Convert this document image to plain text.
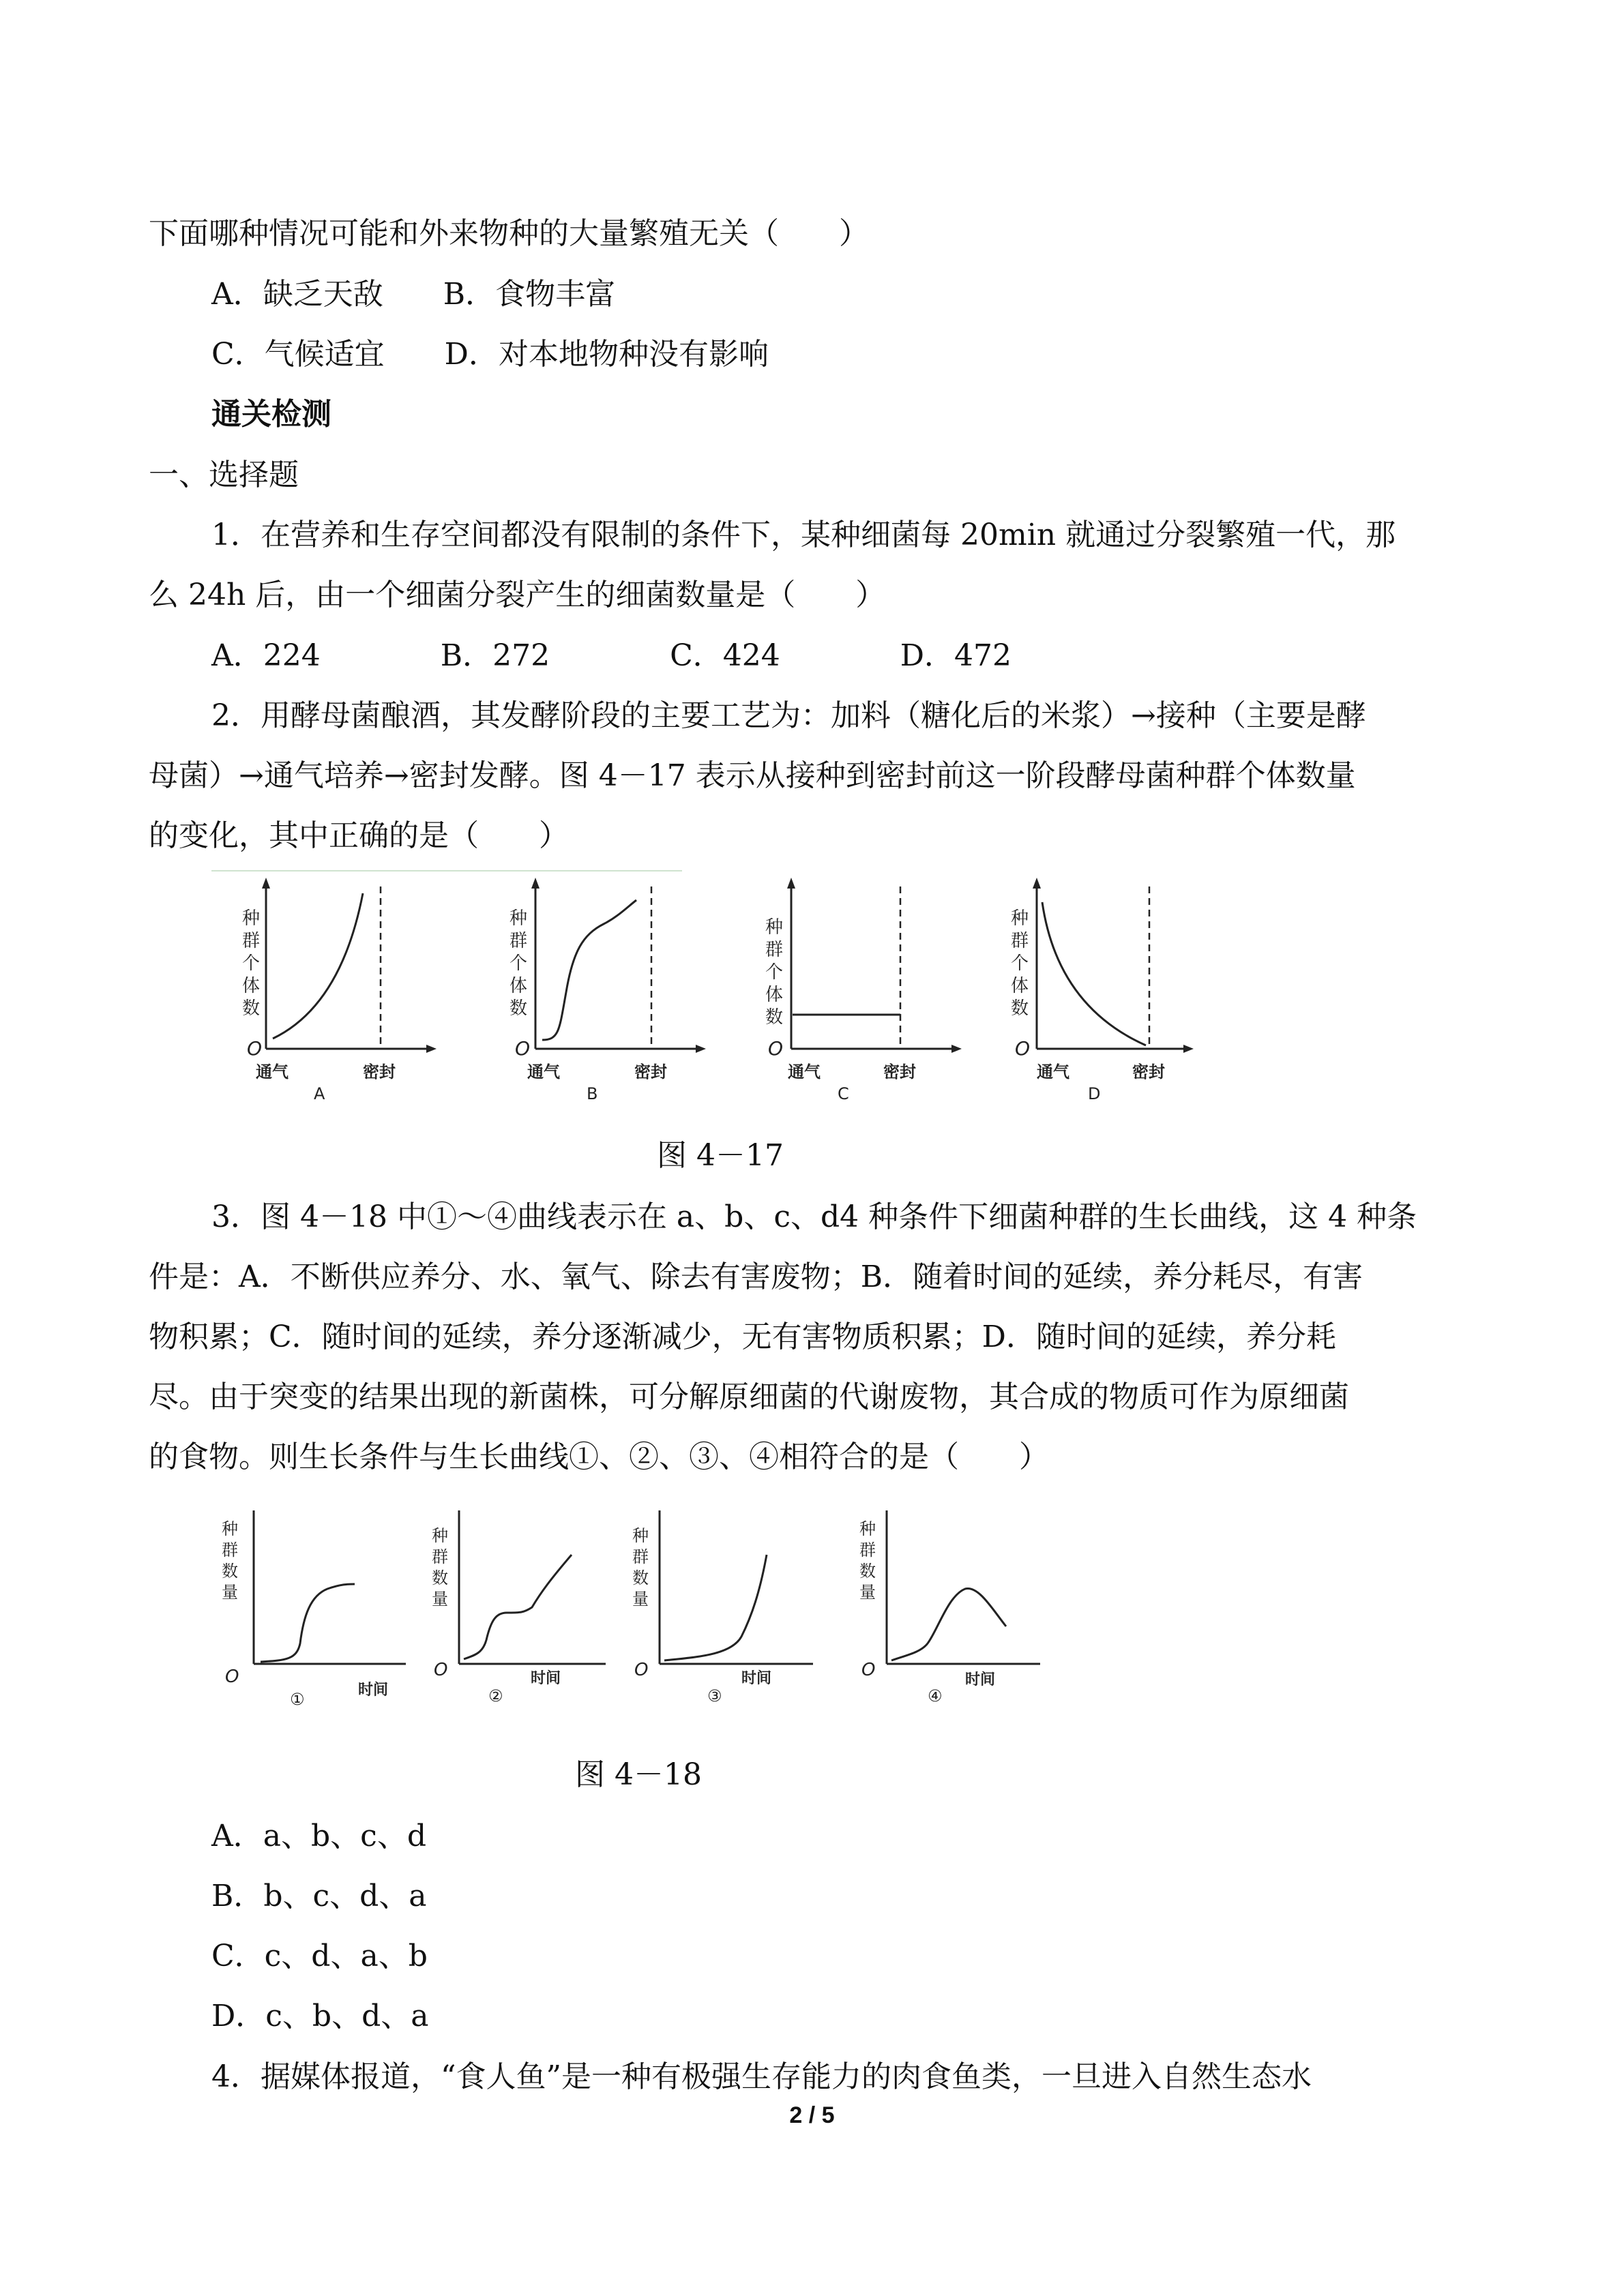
下面哪种情况可能和外来物种的大量繁殖无关（　　）
A．缺乏天敌　　B．食物丰富
C．气候适宜　　D．对本地物种没有影响
通关检测
一、选择题
1．在营养和生存空间都没有限制的条件下，某种细菌每 20min 就通过分裂繁殖一代，那
么 24h 后，由一个细菌分裂产生的细菌数量是（　　）
A．224　　　　B．272　　　　C．424　　　　D．472
2．用酵母菌酿酒，其发酵阶段的主要工艺为：加料（糖化后的米浆）→接种（主要是酵
母菌）→通气培养→密封发酵。图 4－17 表示从接种到密封前这一阶段酵母菌种群个体数量
的变化，其中正确的是（　　）
种
群
个
体
数
O
通气	密封
A
种
群
个
体
数
O
通气	密封
B
种
群
个
体
数
O
通气	密封
C
种
群
个
体
数
O
通气	密封
D
图 4－17
3．图 4－18 中①～④曲线表示在 a、b、c、d4 种条件下细菌种群的生长曲线，这 4 种条
件是：A．不断供应养分、水、氧气、除去有害废物；B．随着时间的延续，养分耗尽，有害
物积累；C．随时间的延续，养分逐渐减少，无有害物质积累；D．随时间的延续，养分耗
尽。由于突变的结果出现的新菌株，可分解原细菌的代谢废物，其合成的物质可作为原细菌
的食物。则生长条件与生长曲线①、②、③、④相符合的是（　　）
种
群
数
量
O
时间
①
种
群
数
量
O	时间
②
种
群
数
量
O	时间
③
种
群
数
量
O	时间
④
图 4－18
A．a、b、c、d
B．b、c、d、a
C．c、d、a、b
D．c、b、d、a
4．据媒体报道，“食人鱼”是一种有极强生存能力的肉食鱼类，一旦进入自然生态水
2 / 5
